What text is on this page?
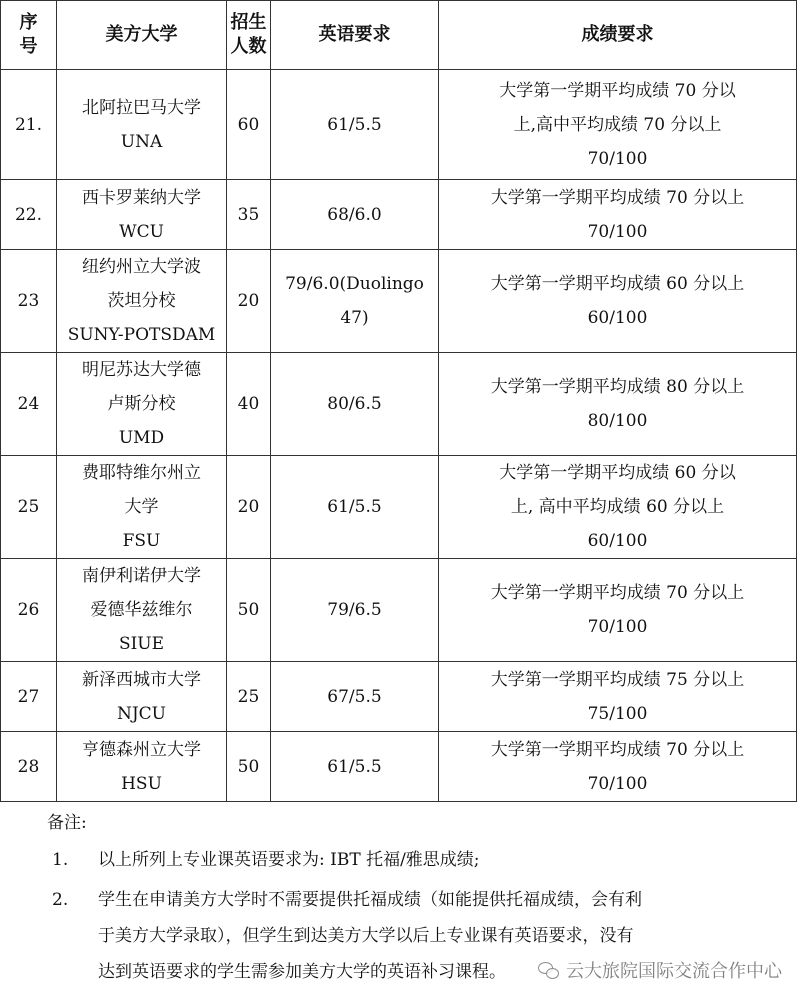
序号	美方大学	招生人数	英语要求	成绩要求
21.	北阿拉巴马大学
UNA	60	61/5.5	大学第一学期平均成绩 70 分以
上,高中平均成绩 70 分以上
70/100

22.	西卡罗莱纳大学
WCU	35	68/6.0	大学第一学期平均成绩 70 分以上
70/100

23	纽约州立大学波
茨坦分校
SUNY-POTSDAM	20	79/6.0(Duolingo
47)	大学第一学期平均成绩 60 分以上
60/100

24	明尼苏达大学德
卢斯分校
UMD	40	80/6.5	大学第一学期平均成绩 80 分以上
80/100

25	费耶特维尔州立
大学
FSU	20	61/5.5	大学第一学期平均成绩 60 分以
上, 高中平均成绩 60 分以上
60/100

26	南伊利诺伊大学
爱德华兹维尔
SIUE	50	79/6.5	大学第一学期平均成绩 70 分以上
70/100

27	新泽西城市大学
NJCU	25	67/5.5	大学第一学期平均成绩 75 分以上
75/100

28	亨德森州立大学
HSU	50	61/5.5	大学第一学期平均成绩 70 分以上
70/100
备注:
1. 以上所列上专业课英语要求为: IBT 托福/雅思成绩;
2. 学生在申请美方大学时不需要提供托福成绩（如能提供托福成绩，会有利
于美方大学录取），但学生到达美方大学以后上专业课有英语要求，没有
达到英语要求的学生需参加美方大学的英语补习课程。	云大旅院国际交流合作中心
